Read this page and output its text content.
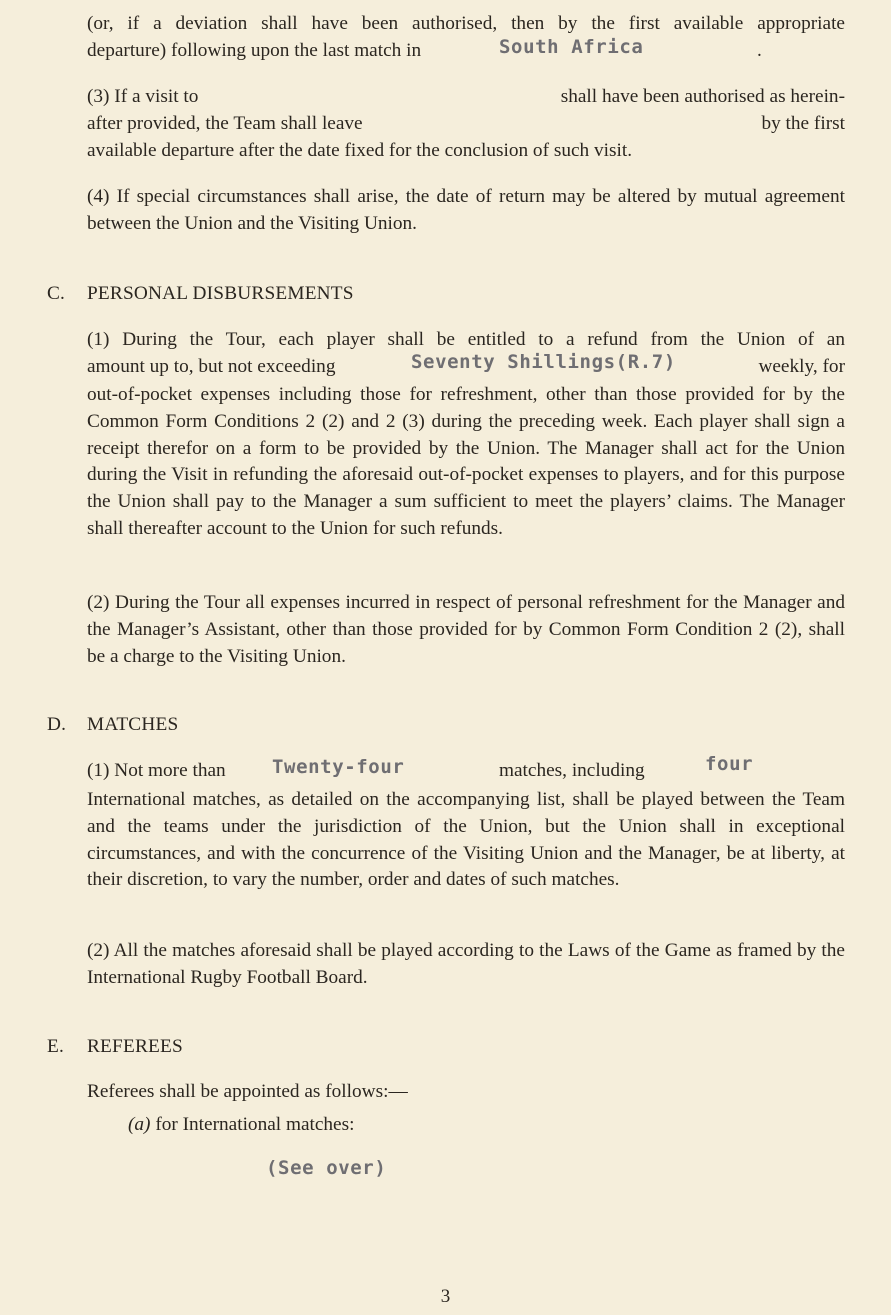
(or, if a deviation shall have been authorised, then by the first available appropriate
departure) following upon the last match in	South Africa	.
(3) If a visit to	shall have been authorised as herein-
after provided, the Team shall leave	by the first
available departure after the date fixed for the conclusion of such visit.
(4) If special circumstances shall arise, the date of return may be altered by mutual agreement between the Union and the Visiting Union.
C. PERSONAL DISBURSEMENTS
(1) During the Tour, each player shall be entitled to a refund from the Union of an
amount up to, but not exceeding	Seventy Shillings(R.7)	weekly, for
out-of-pocket expenses including those for refreshment, other than those provided for by the Common Form Conditions 2 (2) and 2 (3) during the preceding week. Each player shall sign a receipt therefor on a form to be provided by the Union. The Manager shall act for the Union during the Visit in refunding the aforesaid out-of-pocket expenses to players, and for this purpose the Union shall pay to the Manager a sum sufficient to meet the players’ claims. The Manager shall thereafter account to the Union for such refunds.
(2) During the Tour all expenses incurred in respect of personal refreshment for the Manager and the Manager’s Assistant, other than those provided for by Common Form Condition 2 (2), shall be a charge to the Visiting Union.
D. MATCHES
(1) Not more than Twenty-four	matches, including	four
International matches, as detailed on the accompanying list, shall be played between the Team and the teams under the jurisdiction of the Union, but the Union shall in exceptional circumstances, and with the concurrence of the Visiting Union and the Manager, be at liberty, at their discretion, to vary the number, order and dates of such matches.
(2) All the matches aforesaid shall be played according to the Laws of the Game as framed by the International Rugby Football Board.
E. REFEREES
Referees shall be appointed as follows:—
(a) for International matches:
(See over)
3
